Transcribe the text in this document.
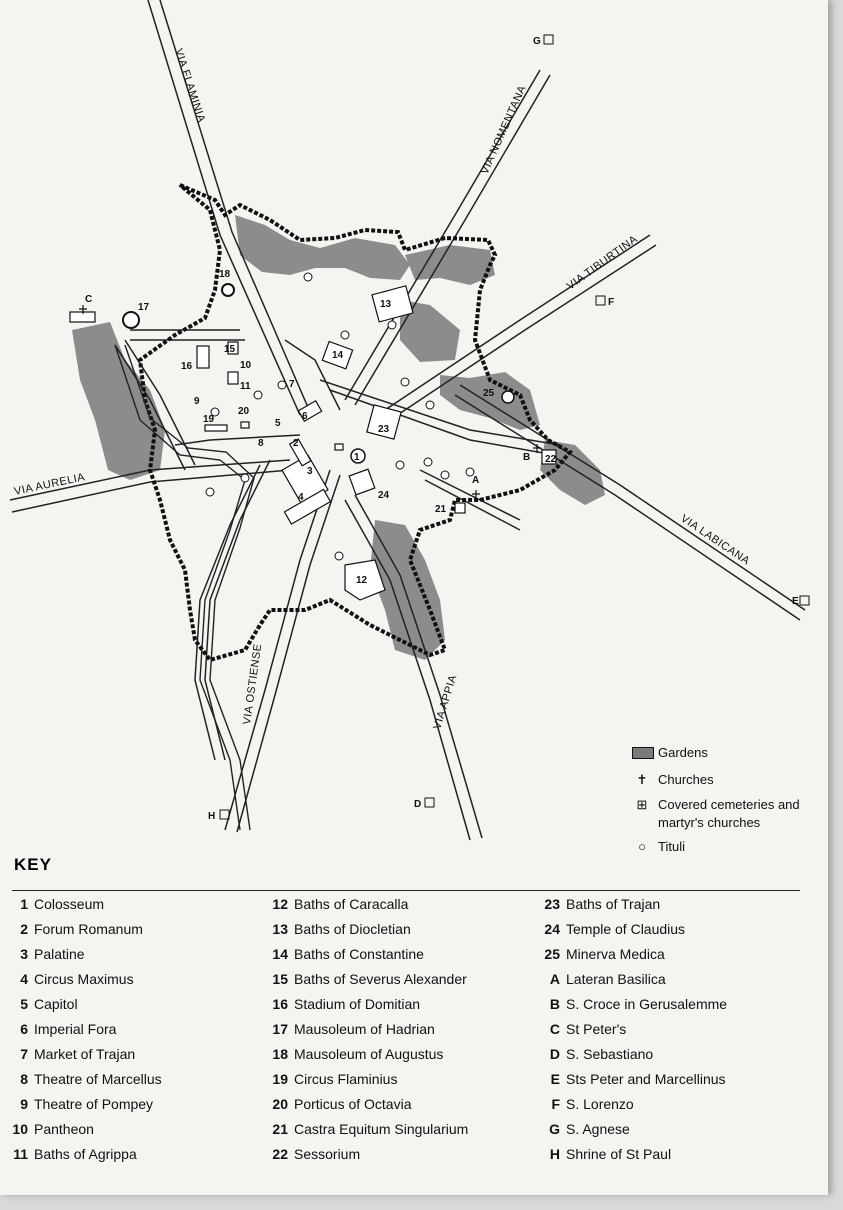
VIA FLAMINIA	VIA NOMENTANA
VIA TIBURTINA
VIA LABICANA
VIA AURELIA
VIA OSTIENSE	VIA APPIA
1
2
3
4
5
6
7
8
9
10
11
12
13
14
15
16
17
18
19
20
21
22
23
24
25
G
F
E
H
D
C
B
A
Gardens
✝ Churches
⊞ Covered cemeteries and
martyr's churches
○ Tituli
KEY
1 Colosseum
2 Forum Romanum
3 Palatine
4 Circus Maximus
5 Capitol
6 Imperial Fora
7 Market of Trajan
8 Theatre of Marcellus
9 Theatre of Pompey
10 Pantheon
11 Baths of Agrippa
12 Baths of Caracalla
13 Baths of Diocletian
14 Baths of Constantine
15 Baths of Severus Alexander
16 Stadium of Domitian
17 Mausoleum of Hadrian
18 Mausoleum of Augustus
19 Circus Flaminius
20 Porticus of Octavia
21 Castra Equitum Singularium
22 Sessorium
23 Baths of Trajan
24 Temple of Claudius
25 Minerva Medica
A Lateran Basilica
B S. Croce in Gerusalemme
C St Peter's
D S. Sebastiano
E Sts Peter and Marcellinus
F S. Lorenzo
G S. Agnese
H Shrine of St Paul
